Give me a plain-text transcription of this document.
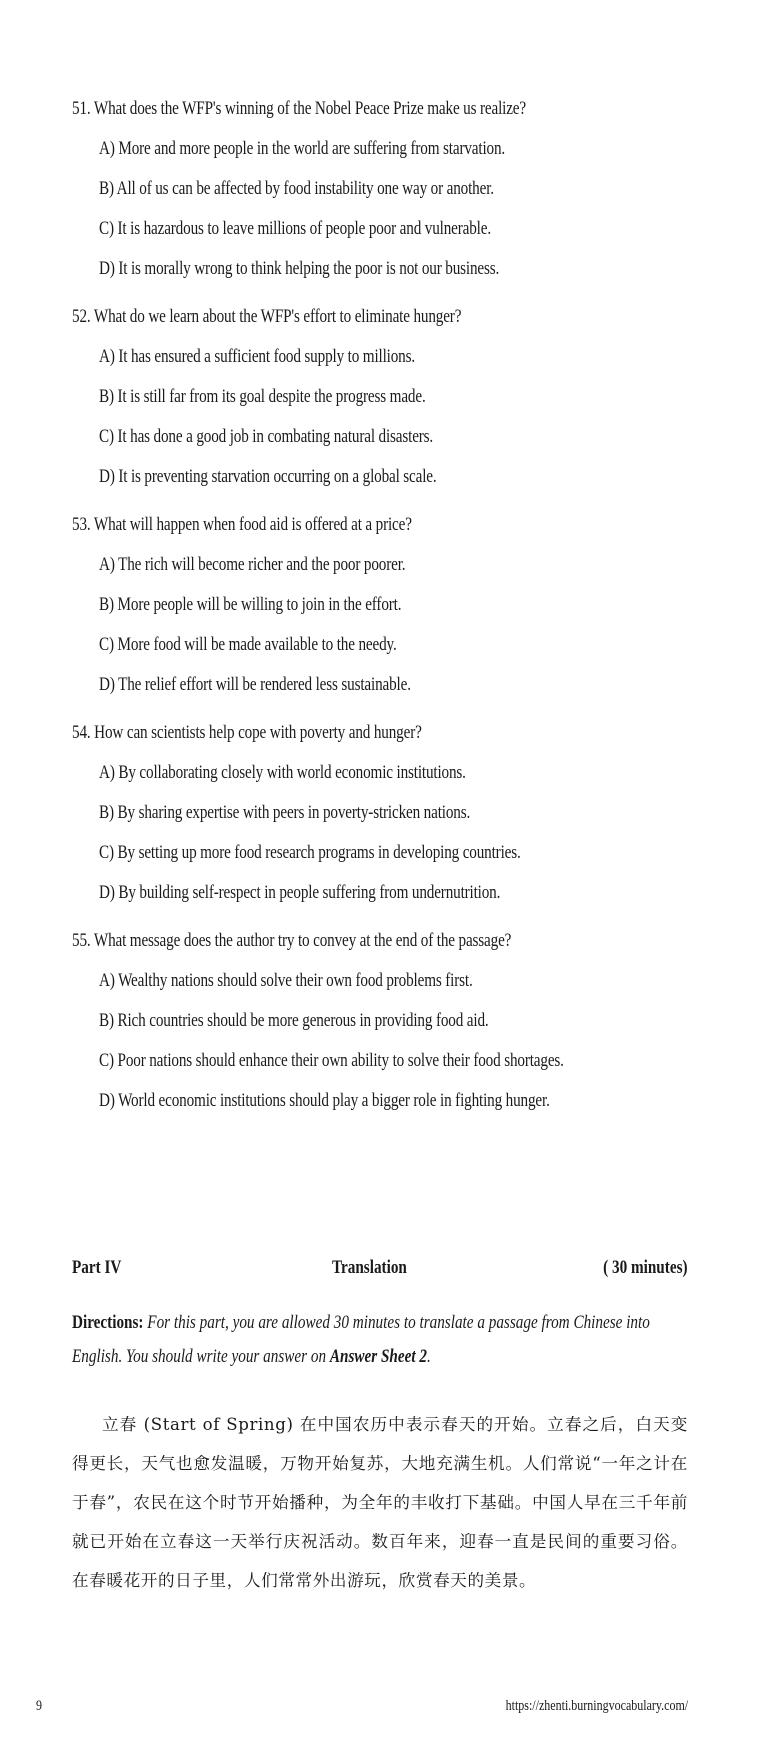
51. What does the WFP's winning of the Nobel Peace Prize make us realize?
A) More and more people in the world are suffering from starvation.
B) All of us can be affected by food instability one way or another.
C) It is hazardous to leave millions of people poor and vulnerable.
D) It is morally wrong to think helping the poor is not our business.
52. What do we learn about the WFP's effort to eliminate hunger?
A) It has ensured a sufficient food supply to millions.
B) It is still far from its goal despite the progress made.
C) It has done a good job in combating natural disasters.
D) It is preventing starvation occurring on a global scale.
53. What will happen when food aid is offered at a price?
A) The rich will become richer and the poor poorer.
B) More people will be willing to join in the effort.
C) More food will be made available to the needy.
D) The relief effort will be rendered less sustainable.
54. How can scientists help cope with poverty and hunger?
A) By collaborating closely with world economic institutions.
B) By sharing expertise with peers in poverty-stricken nations.
C) By setting up more food research programs in developing countries.
D) By building self-respect in people suffering from undernutrition.
55. What message does the author try to convey at the end of the passage?
A) Wealthy nations should solve their own food problems first.
B) Rich countries should be more generous in providing food aid.
C) Poor nations should enhance their own ability to solve their food shortages.
D) World economic institutions should play a bigger role in fighting hunger.
Part IV	Translation	( 30 minutes)
Directions: For this part, you are allowed 30 minutes to translate a passage from Chinese into English. You should write your answer on Answer Sheet 2.
立春 (Start of Spring) 在中国农历中表示春天的开始。立春之后，白天变得更长，天气也愈发温暖，万物开始复苏，大地充满生机。人们常说“一年之计在于春”，农民在这个时节开始播种，为全年的丰收打下基础。中国人早在三千年前就已开始在立春这一天举行庆祝活动。数百年来，迎春一直是民间的重要习俗。在春暖花开的日子里，人们常常外出游玩，欣赏春天的美景。
9	https://zhenti.burningvocabulary.com/
